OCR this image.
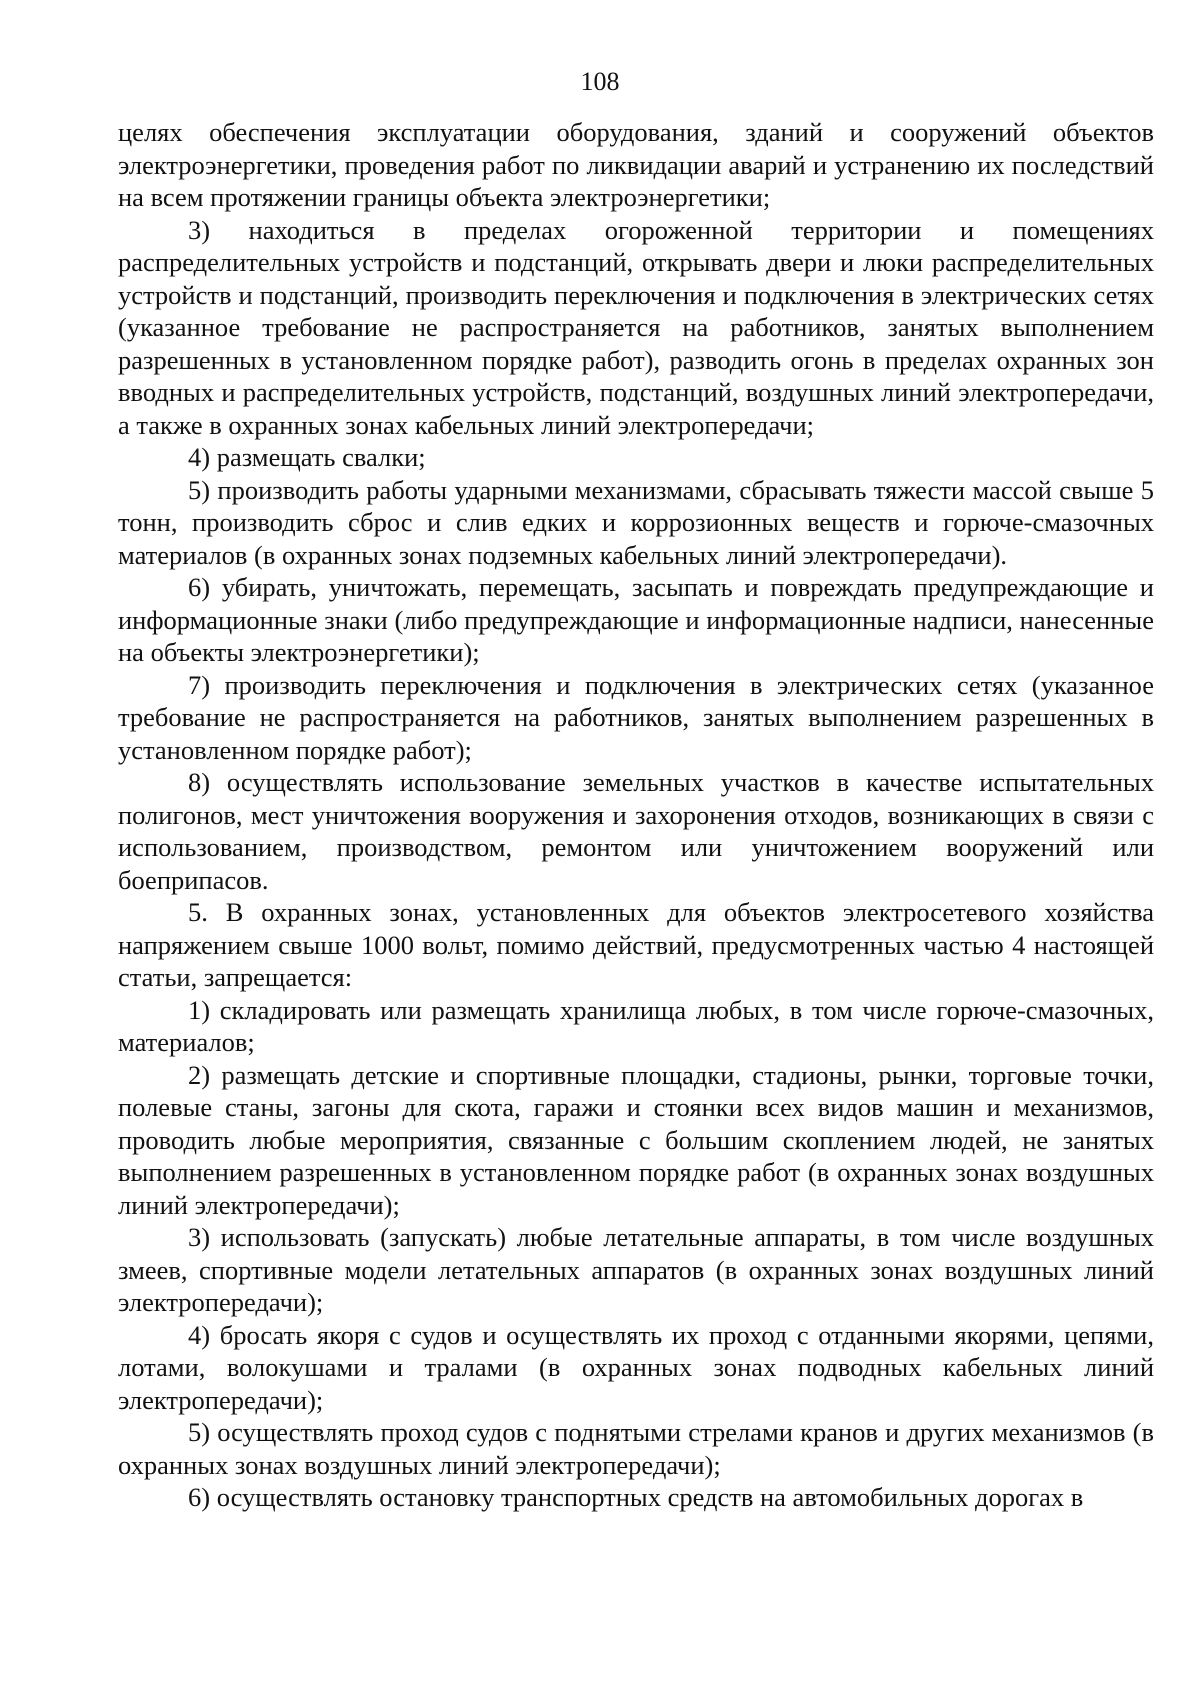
108

целях обеспечения эксплуатации оборудования, зданий и сооружений объектов электроэнергетики, проведения работ по ликвидации аварий и устранению их последствий на всем протяжении границы объекта электроэнергетики;

3) находиться в пределах огороженной территории и помещениях распределительных устройств и подстанций, открывать двери и люки распределительных устройств и подстанций, производить переключения и подключения в электрических сетях (указанное требование не распространяется на работников, занятых выполнением разрешенных в установленном порядке работ), разводить огонь в пределах охранных зон вводных и распределительных устройств, подстанций, воздушных линий электропередачи, а также в охранных зонах кабельных линий электропередачи;

4) размещать свалки;

5) производить работы ударными механизмами, сбрасывать тяжести массой свыше 5 тонн, производить сброс и слив едких и коррозионных веществ и горюче-смазочных материалов (в охранных зонах подземных кабельных линий электропередачи).

6) убирать, уничтожать, перемещать, засыпать и повреждать предупреждающие и информационные знаки (либо предупреждающие и информационные надписи, нанесенные на объекты электроэнергетики);

7) производить переключения и подключения в электрических сетях (указанное требование не распространяется на работников, занятых выполнением разрешенных в установленном порядке работ);

8) осуществлять использование земельных участков в качестве испытательных полигонов, мест уничтожения вооружения и захоронения отходов, возникающих в связи с использованием, производством, ремонтом или уничтожением вооружений или боеприпасов.

5. В охранных зонах, установленных для объектов электросетевого хозяйства напряжением свыше 1000 вольт, помимо действий, предусмотренных частью 4 настоящей статьи, запрещается:

1) складировать или размещать хранилища любых, в том числе горюче-смазочных, материалов;

2) размещать детские и спортивные площадки, стадионы, рынки, торговые точки, полевые станы, загоны для скота, гаражи и стоянки всех видов машин и механизмов, проводить любые мероприятия, связанные с большим скоплением людей, не занятых выполнением разрешенных в установленном порядке работ (в охранных зонах воздушных линий электропередачи);

3) использовать (запускать) любые летательные аппараты, в том числе воздушных змеев, спортивные модели летательных аппаратов (в охранных зонах воздушных линий электропередачи);

4) бросать якоря с судов и осуществлять их проход с отданными якорями, цепями, лотами, волокушами и тралами (в охранных зонах подводных кабельных линий электропередачи);

5) осуществлять проход судов с поднятыми стрелами кранов и других механизмов (в охранных зонах воздушных линий электропередачи);

6) осуществлять остановку транспортных средств на автомобильных дорогах в
